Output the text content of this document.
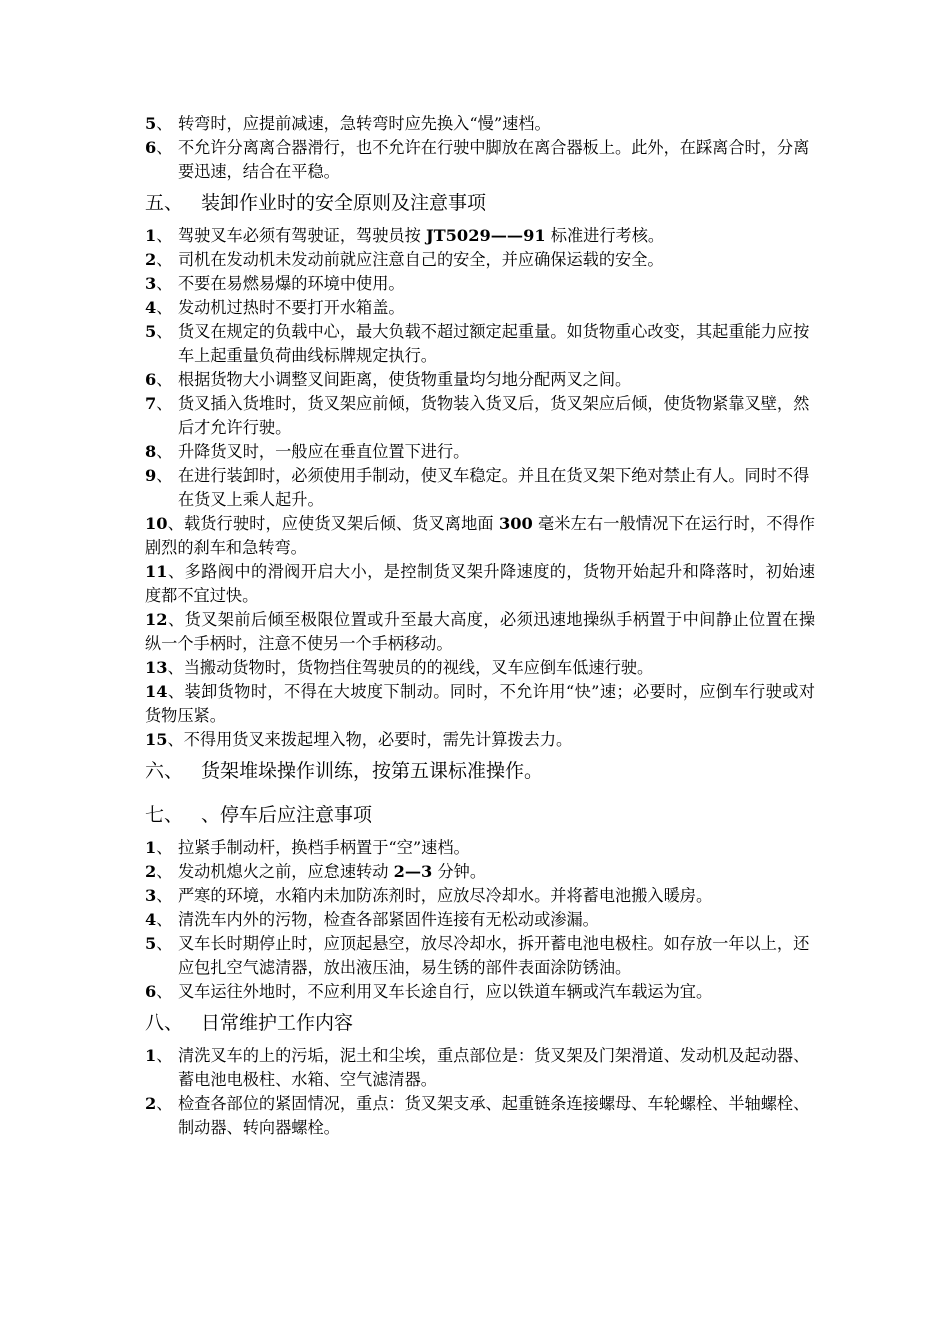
5、 转弯时，应提前减速，急转弯时应先换入“慢”速档。

6、 不允许分离离合器滑行，也不允许在行驶中脚放在离合器板上。此外，在踩离合时，分离要迅速，结合在平稳。

五、 装卸作业时的安全原则及注意事项

1、 驾驶叉车必须有驾驶证，驾驶员按 JT5029——91 标准进行考核。

2、 司机在发动机未发动前就应注意自己的安全，并应确保运载的安全。

3、 不要在易燃易爆的环境中使用。

4、 发动机过热时不要打开水箱盖。

5、 货叉在规定的负载中心，最大负载不超过额定起重量。如货物重心改变，其起重能力应按车上起重量负荷曲线标牌规定执行。

6、 根据货物大小调整叉间距离，使货物重量均匀地分配两叉之间。

7、 货叉插入货堆时，货叉架应前倾，货物装入货叉后，货叉架应后倾，使货物紧靠叉壁，然后才允许行驶。

8、 升降货叉时，一般应在垂直位置下进行。

9、 在进行装卸时，必须使用手制动，使叉车稳定。并且在货叉架下绝对禁止有人。同时不得在货叉上乘人起升。

10、载货行驶时，应使货叉架后倾、货叉离地面 300 毫米左右一般情况下在运行时，不得作剧烈的刹车和急转弯。

11、多路阀中的滑阀开启大小，是控制货叉架升降速度的，货物开始起升和降落时，初始速度都不宜过快。

12、货叉架前后倾至极限位置或升至最大高度，必须迅速地操纵手柄置于中间静止位置在操纵一个手柄时，注意不使另一个手柄移动。

13、当搬动货物时，货物挡住驾驶员的的视线，叉车应倒车低速行驶。

14、装卸货物时，不得在大坡度下制动。同时，不允许用“快”速；必要时，应倒车行驶或对货物压紧。

15、不得用货叉来拨起埋入物，必要时，需先计算拨去力。

六、 货架堆垛操作训练，按第五课标准操作。
七、 、停车后应注意事项

1、 拉紧手制动杆，换档手柄置于“空”速档。

2、 发动机熄火之前，应怠速转动 2—3 分钟。

3、 严寒的环境，水箱内未加防冻剂时，应放尽冷却水。并将蓄电池搬入暖房。

4、 清洗车内外的污物，检查各部紧固件连接有无松动或渗漏。

5、 叉车长时期停止时，应顶起悬空，放尽冷却水，拆开蓄电池电极柱。如存放一年以上，还应包扎空气滤清器，放出液压油，易生锈的部件表面涂防锈油。

6、 叉车运往外地时，不应利用叉车长途自行，应以铁道车辆或汽车载运为宜。

八、 日常维护工作内容

1、 清洗叉车的上的污垢，泥土和尘埃，重点部位是：货叉架及门架滑道、发动机及起动器、蓄电池电极柱、水箱、空气滤清器。

2、 检查各部位的紧固情况，重点：货叉架支承、起重链条连接螺母、车轮螺栓、半轴螺栓、制动器、转向器螺栓。
